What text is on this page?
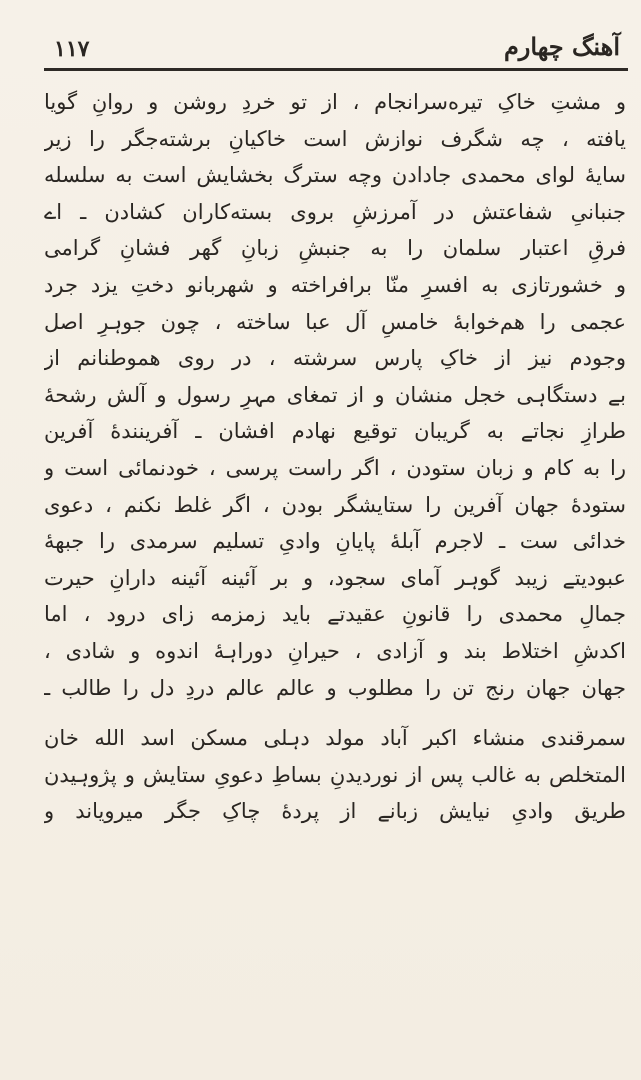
۱۱۷	آهنگ چهارم
و مشتِ خاکِ تیره‌سرانجام ، از تو خردِ روشن و روانِ گویا
یافته ، چه شگرف نوازش است خاکیانِ برشته‌جگر را زیر
سایهٔ لوای محمدی جادادن وچه سترگ بخشایش است به سلسله
جنبانیِ شفاعتش در آمرزشِ بروی بسته‌کاران کشادن ـ اے
فرقِ اعتبار سلمان را به جنبشِ زبانِ گهر فشانِ گرامی
و خشورتازی به افسرِ منّا برافراخته و شهربانو دختِ یزد جرد
عجمی را هم‌خوابهٔ خامسِ آل عبا ساخته ، چون جوہرِ اصل
وجودم نیز از خاکِ پارس سرشته ، در روی هموطنانم از
بے دستگاہی خجل منشان و از تمغای مہرِ رسول و آلش رشحهٔ
طرازِ نجاتے به گریبان توقیع نهادم افشان ـ آفرینندهٔ آفرین
را به کام و زبان ستودن ، اگر راست پرسی ، خودنمائی است و
ستودهٔ جهان آفرین را ستایشگر بودن ، اگر غلط نکنم ، دعوی
خدائی ست ـ لاجرم آبلهٔ پایانِ وادیِ تسلیم سرمدی را جبههٔ
عبودیتے زیبد گوہر آمای سجود، و بر آئینه آئینه دارانِ حیرت
جمالِ محمدی را قانونِ عقیدتے باید زمزمه زای درود ، اما
اکدشِ اختلاط بند و آزادی ، حیرانِ دوراہهٔ اندوه و شادی ،
جهان جهان رنج تن را مطلوب و عالم عالم دردِ دل را طالب ـ
سمرقندی منشاء اکبر آباد مولد دہلی مسکن اسد الله خان
المتخلص به غالب پس از نوردیدنِ بساطِ دعویِ ستایش و پژوہیدن
طریق وادیِ نیایش زبانے از پردهٔ چاکِ جگر میرویاند و
